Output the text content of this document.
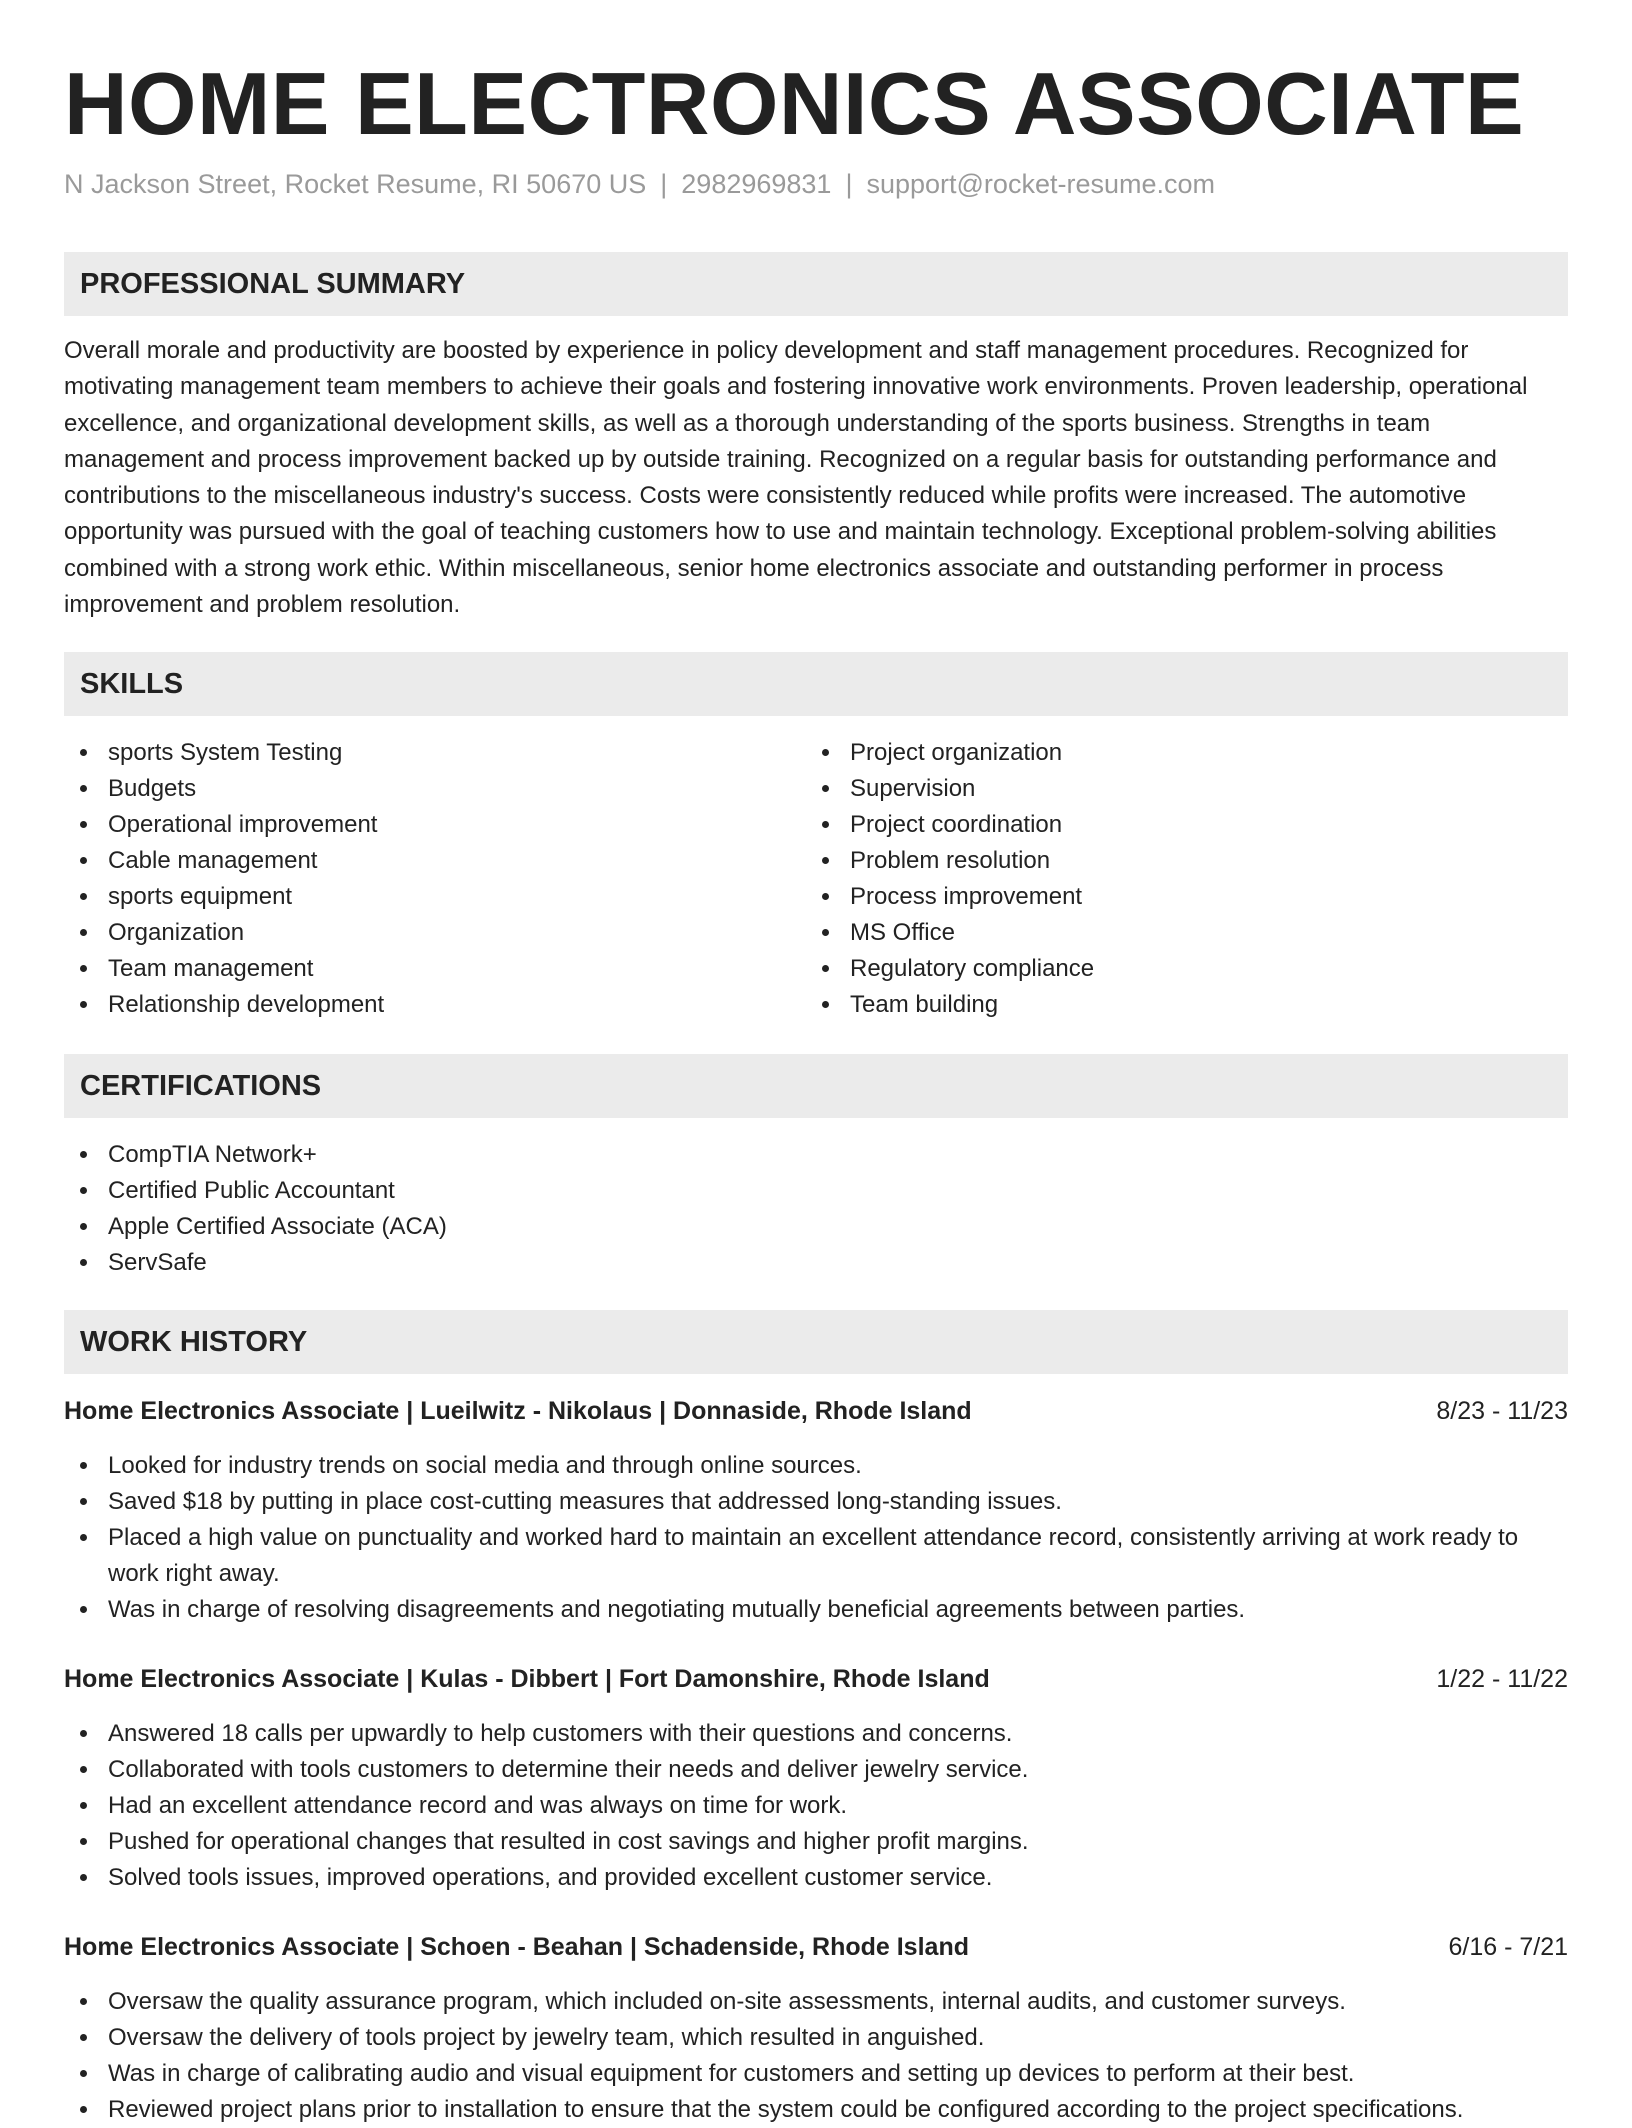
HOME ELECTRONICS ASSOCIATE
N Jackson Street, Rocket Resume, RI 50670 US | 2982969831 | support@rocket-resume.com
PROFESSIONAL SUMMARY
Overall morale and productivity are boosted by experience in policy development and staff management procedures. Recognized for motivating management team members to achieve their goals and fostering innovative work environments. Proven leadership, operational excellence, and organizational development skills, as well as a thorough understanding of the sports business. Strengths in team management and process improvement backed up by outside training. Recognized on a regular basis for outstanding performance and contributions to the miscellaneous industry's success. Costs were consistently reduced while profits were increased. The automotive opportunity was pursued with the goal of teaching customers how to use and maintain technology. Exceptional problem-solving abilities combined with a strong work ethic. Within miscellaneous, senior home electronics associate and outstanding performer in process improvement and problem resolution.
SKILLS
sports System Testing
Budgets
Operational improvement
Cable management
sports equipment
Organization
Team management
Relationship development
Project organization
Supervision
Project coordination
Problem resolution
Process improvement
MS Office
Regulatory compliance
Team building
CERTIFICATIONS
CompTIA Network+
Certified Public Accountant
Apple Certified Associate (ACA)
ServSafe
WORK HISTORY
Home Electronics Associate | Lueilwitz - Nikolaus | Donnaside, Rhode Island	8/23 - 11/23
Looked for industry trends on social media and through online sources.
Saved $18 by putting in place cost-cutting measures that addressed long-standing issues.
Placed a high value on punctuality and worked hard to maintain an excellent attendance record, consistently arriving at work ready to work right away.
Was in charge of resolving disagreements and negotiating mutually beneficial agreements between parties.
Home Electronics Associate | Kulas - Dibbert | Fort Damonshire, Rhode Island	1/22 - 11/22
Answered 18 calls per upwardly to help customers with their questions and concerns.
Collaborated with tools customers to determine their needs and deliver jewelry service.
Had an excellent attendance record and was always on time for work.
Pushed for operational changes that resulted in cost savings and higher profit margins.
Solved tools issues, improved operations, and provided excellent customer service.
Home Electronics Associate | Schoen - Beahan | Schadenside, Rhode Island	6/16 - 7/21
Oversaw the quality assurance program, which included on-site assessments, internal audits, and customer surveys.
Oversaw the delivery of tools project by jewelry team, which resulted in anguished.
Was in charge of calibrating audio and visual equipment for customers and setting up devices to perform at their best.
Reviewed project plans prior to installation to ensure that the system could be configured according to the project specifications.
